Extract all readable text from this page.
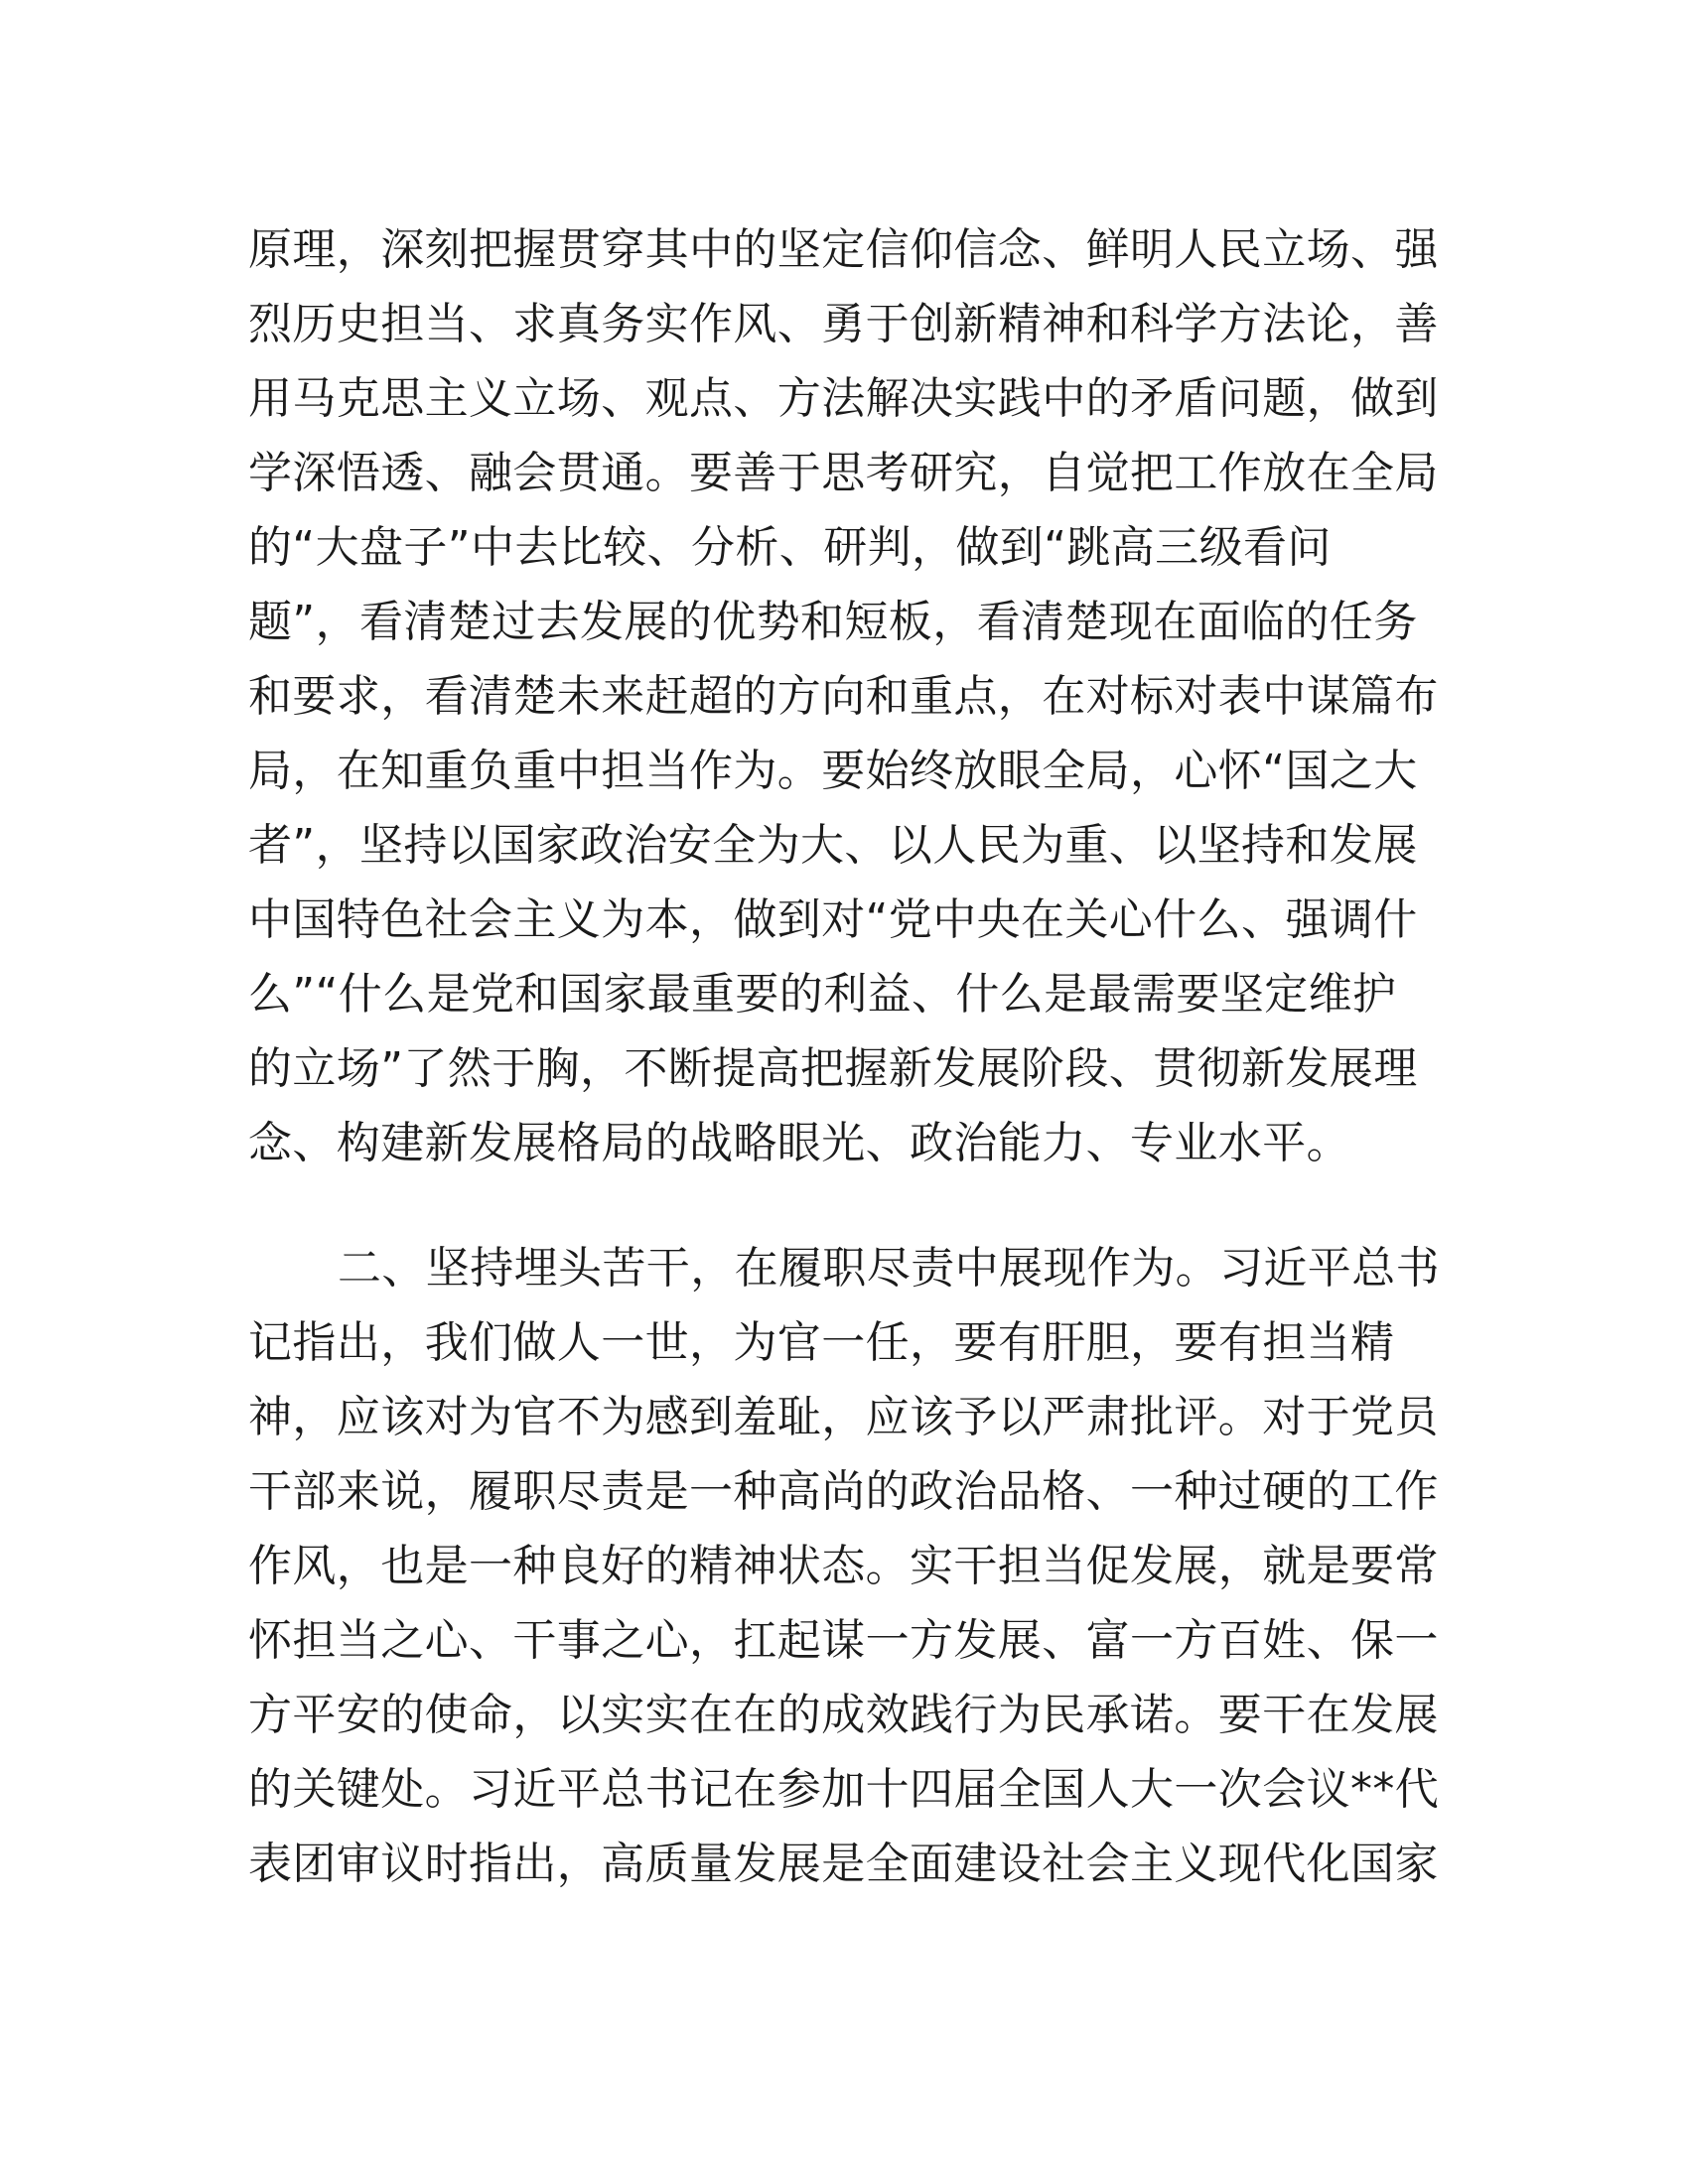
原理，深刻把握贯穿其中的坚定信仰信念、鲜明人民立场、强
烈历史担当、求真务实作风、勇于创新精神和科学方法论，善
用马克思主义立场、观点、方法解决实践中的矛盾问题，做到
学深悟透、融会贯通。要善于思考研究，自觉把工作放在全局
的“大盘子”中去比较、分析、研判，做到“跳高三级看问
题”，看清楚过去发展的优势和短板，看清楚现在面临的任务
和要求，看清楚未来赶超的方向和重点，在对标对表中谋篇布
局，在知重负重中担当作为。要始终放眼全局，心怀“国之大
者”，坚持以国家政治安全为大、以人民为重、以坚持和发展
中国特色社会主义为本，做到对“党中央在关心什么、强调什
么”“什么是党和国家最重要的利益、什么是最需要坚定维护
的立场”了然于胸，不断提高把握新发展阶段、贯彻新发展理
念、构建新发展格局的战略眼光、政治能力、专业水平。
二、坚持埋头苦干，在履职尽责中展现作为。习近平总书
记指出，我们做人一世，为官一任，要有肝胆，要有担当精
神，应该对为官不为感到羞耻，应该予以严肃批评。对于党员
干部来说，履职尽责是一种高尚的政治品格、一种过硬的工作
作风，也是一种良好的精神状态。实干担当促发展，就是要常
怀担当之心、干事之心，扛起谋一方发展、富一方百姓、保一
方平安的使命，以实实在在的成效践行为民承诺。要干在发展
的关键处。习近平总书记在参加十四届全国人大一次会议**代
表团审议时指出，高质量发展是全面建设社会主义现代化国家
